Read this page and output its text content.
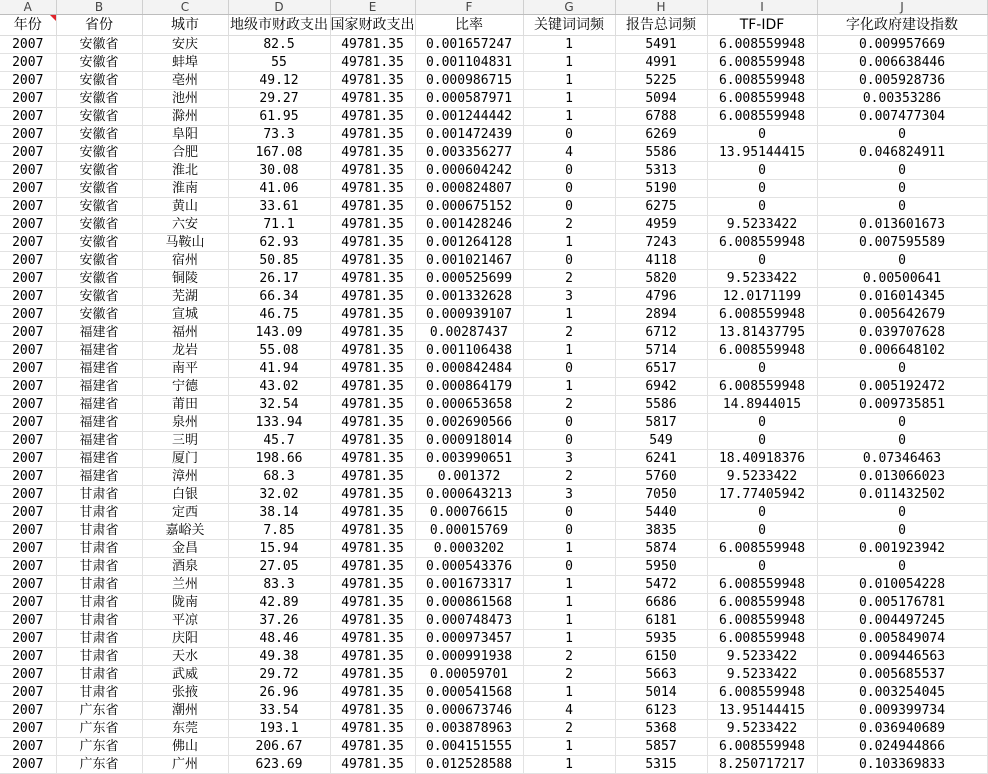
A	B	C	D	E	F	G	H	I	J
年份	省份	城市	地级市财政支出	国家财政支出	比率	关键词词频	报告总词频	TF-IDF	字化政府建设指数
2007	安徽省	安庆	82.5	49781.35	0.001657247	1	5491	6.008559948	0.009957669
2007	安徽省	蚌埠	55	49781.35	0.001104831	1	4991	6.008559948	0.006638446
2007	安徽省	亳州	49.12	49781.35	0.000986715	1	5225	6.008559948	0.005928736
2007	安徽省	池州	29.27	49781.35	0.000587971	1	5094	6.008559948	0.00353286
2007	安徽省	滁州	61.95	49781.35	0.001244442	1	6788	6.008559948	0.007477304
2007	安徽省	阜阳	73.3	49781.35	0.001472439	0	6269	0	0
2007	安徽省	合肥	167.08	49781.35	0.003356277	4	5586	13.95144415	0.046824911
2007	安徽省	淮北	30.08	49781.35	0.000604242	0	5313	0	0
2007	安徽省	淮南	41.06	49781.35	0.000824807	0	5190	0	0
2007	安徽省	黄山	33.61	49781.35	0.000675152	0	6275	0	0
2007	安徽省	六安	71.1	49781.35	0.001428246	2	4959	9.5233422	0.013601673
2007	安徽省	马鞍山	62.93	49781.35	0.001264128	1	7243	6.008559948	0.007595589
2007	安徽省	宿州	50.85	49781.35	0.001021467	0	4118	0	0
2007	安徽省	铜陵	26.17	49781.35	0.000525699	2	5820	9.5233422	0.00500641
2007	安徽省	芜湖	66.34	49781.35	0.001332628	3	4796	12.0171199	0.016014345
2007	安徽省	宣城	46.75	49781.35	0.000939107	1	2894	6.008559948	0.005642679
2007	福建省	福州	143.09	49781.35	0.00287437	2	6712	13.81437795	0.039707628
2007	福建省	龙岩	55.08	49781.35	0.001106438	1	5714	6.008559948	0.006648102
2007	福建省	南平	41.94	49781.35	0.000842484	0	6517	0	0
2007	福建省	宁德	43.02	49781.35	0.000864179	1	6942	6.008559948	0.005192472
2007	福建省	莆田	32.54	49781.35	0.000653658	2	5586	14.8944015	0.009735851
2007	福建省	泉州	133.94	49781.35	0.002690566	0	5817	0	0
2007	福建省	三明	45.7	49781.35	0.000918014	0	549	0	0
2007	福建省	厦门	198.66	49781.35	0.003990651	3	6241	18.40918376	0.07346463
2007	福建省	漳州	68.3	49781.35	0.001372	2	5760	9.5233422	0.013066023
2007	甘肃省	白银	32.02	49781.35	0.000643213	3	7050	17.77405942	0.011432502
2007	甘肃省	定西	38.14	49781.35	0.00076615	0	5440	0	0
2007	甘肃省	嘉峪关	7.85	49781.35	0.00015769	0	3835	0	0
2007	甘肃省	金昌	15.94	49781.35	0.0003202	1	5874	6.008559948	0.001923942
2007	甘肃省	酒泉	27.05	49781.35	0.000543376	0	5950	0	0
2007	甘肃省	兰州	83.3	49781.35	0.001673317	1	5472	6.008559948	0.010054228
2007	甘肃省	陇南	42.89	49781.35	0.000861568	1	6686	6.008559948	0.005176781
2007	甘肃省	平凉	37.26	49781.35	0.000748473	1	6181	6.008559948	0.004497245
2007	甘肃省	庆阳	48.46	49781.35	0.000973457	1	5935	6.008559948	0.005849074
2007	甘肃省	天水	49.38	49781.35	0.000991938	2	6150	9.5233422	0.009446563
2007	甘肃省	武威	29.72	49781.35	0.00059701	2	5663	9.5233422	0.005685537
2007	甘肃省	张掖	26.96	49781.35	0.000541568	1	5014	6.008559948	0.003254045
2007	广东省	潮州	33.54	49781.35	0.000673746	4	6123	13.95144415	0.009399734
2007	广东省	东莞	193.1	49781.35	0.003878963	2	5368	9.5233422	0.036940689
2007	广东省	佛山	206.67	49781.35	0.004151555	1	5857	6.008559948	0.024944866
2007	广东省	广州	623.69	49781.35	0.012528588	1	5315	8.250717217	0.103369833
